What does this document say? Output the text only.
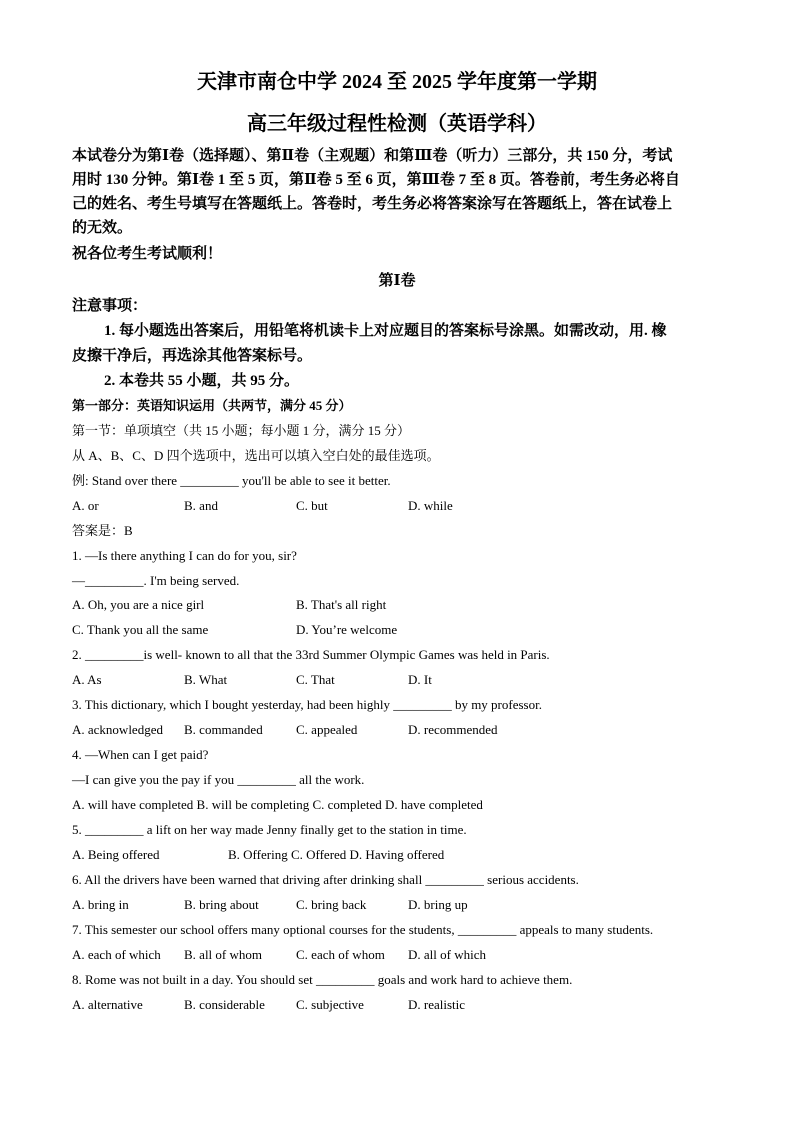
天津市南仓中学 2024 至 2025 学年度第一学期
高三年级过程性检测（英语学科）
本试卷分为第Ⅰ卷（选择题）、第Ⅱ卷（主观题）和第Ⅲ卷（听力）三部分，共 150 分，考试
用时 130 分钟。第Ⅰ卷 1 至 5 页，第Ⅱ卷 5 至 6 页，第Ⅲ卷 7 至 8 页。答卷前，考生务必将自
己的姓名、考生号填写在答题纸上。答卷时，考生务必将答案涂写在答题纸上，答在试卷上
的无效。
祝各位考生考试顺利！
第Ⅰ卷
注意事项：
1. 每小题选出答案后，用铅笔将机读卡上对应题目的答案标号涂黑。如需改动，用. 橡
皮擦干净后，再选涂其他答案标号。
2. 本卷共 55 小题，共 95 分。
第一部分：英语知识运用（共两节，满分 45 分）
第一节：单项填空（共 15 小题；每小题 1 分，满分 15 分）
从 A、B、C、D 四个选项中，选出可以填入空白处的最佳选项。
例: Stand over there _________ you'll be able to see it better.
A. or	B. and	C. but	D. while
答案是：B
1. —Is there anything I can do for you, sir?
—_________. I'm being served.
A. Oh, you are a nice girl	B. That's all right
C. Thank you all the same	D. You’re welcome
2. _________is well- known to all that the 33rd Summer Olympic Games was held in Paris.
A. As	B. What	C. That	D. It
3. This dictionary, which I bought yesterday, had been highly _________ by my professor.
A. acknowledged B. commanded	C. appealed	D. recommended
4. —When can I get paid?
—I can give you the pay if you _________ all the work.
A. will have completed B. will be completing C. completed D. have completed
5. _________ a lift on her way made Jenny finally get to the station in time.
A. Being offered	B. Offering C. Offered D. Having offered
6. All the drivers have been warned that driving after drinking shall _________ serious accidents.
A. bring in	B. bring about	C. bring back	D. bring up
7. This semester our school offers many optional courses for the students, _________ appeals to many students.
A. each of which B. all of whom	C. each of whom D. all of which
8. Rome was not built in a day. You should set _________ goals and work hard to achieve them.
A. alternative	B. considerable C. subjective	D. realistic
